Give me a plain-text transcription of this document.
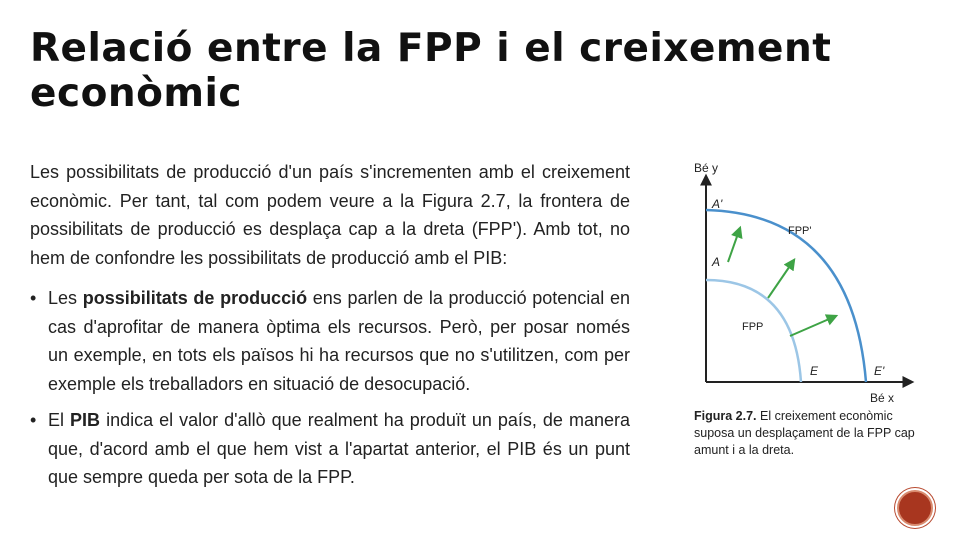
Relació entre la FPP i el creixement econòmic

Les possibilitats de producció d'un país s'incrementen amb el creixement econòmic. Per tant, tal com podem veure a la Figura 2.7, la frontera de possibilitats de producció es desplaça cap a la dreta (FPP'). Amb tot, no hem de confondre les possibilitats de producció amb el PIB:

• Les possibilitats de producció ens parlen de la producció potencial en cas d'aprofitar de manera òptima els recursos. Però, per posar només un exemple, en tots els països hi ha recursos que no s'utilitzen, com per exemple els treballadors en situació de desocupació.
• El PIB indica el valor d'allò que realment ha produït un país, de manera que, d'acord amb el que hem vist a l'apartat anterior, el PIB és un punt que sempre queda per sota de la FPP.
Bé y
Bé x
A'
A
FPP'
FPP
E	E'
Figura 2.7. El creixement econòmic suposa un desplaçament de la FPP cap amunt i a la dreta.
